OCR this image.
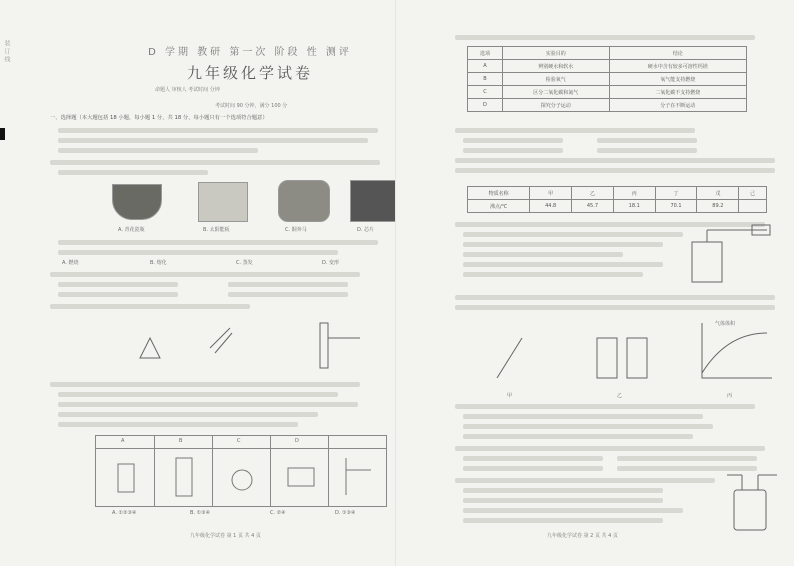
装订线	D 学期 教研 第一次 阶段 性 测评
九年级化学试卷
命题人 审核人 考试时间 分钟
考试时间 90 分钟，满分 100 分
一、选择题（本大题包括 18 小题，每小题 1 分，共 18 分，每小题只有一个选项符合题意）
A. 青花瓷瓶	B. 太阳能板	C. 铜奔马	D. 芯片
A. 燃烧	B. 熔化	C. 蒸发	D. 变形
A	B	C	D
A. ①②③④	B. ①③④	C. ②④	D. ①③④
九年级化学试卷 第 1 页 共 4 页
选项	实验目的	结论
A	辨别硬水和软水	硬水中含有较多可溶性钙镁
B	检验氧气	氧气能支持燃烧
C	区分二氧化碳和氮气	二氧化碳不支持燃烧
D	探究分子运动	分子在不断运动
物质名称	甲	乙	丙	丁	戊	己
沸点/℃	44.8	45.7	18.1	70.1	89.2	
气体体积
甲	乙	丙
九年级化学试卷 第 2 页 共 4 页
